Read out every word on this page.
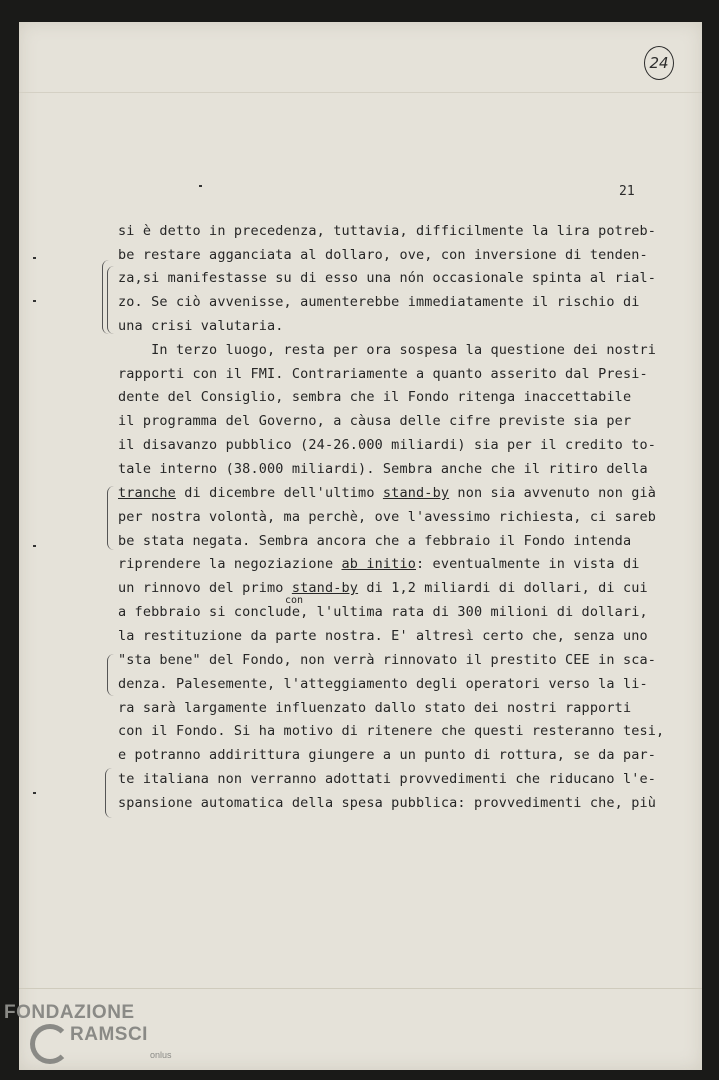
24
21
si è detto in precedenza, tuttavia, difficilmente la lira potreb-
be restare agganciata al dollaro, ove, con inversione di tenden-
za,si manifestasse su di esso una nón occasionale spinta al rial-
zo. Se ciò avvenisse, aumenterebbe immediatamente il rischio di
una crisi valutaria.
In terzo luogo, resta per ora sospesa la questione dei nostri
rapporti con il FMI. Contrariamente a quanto asserito dal Presi-
dente del Consiglio, sembra che il Fondo ritenga inaccettabile
il programma del Governo, a càusa delle cifre previste sia per
il disavanzo pubblico (24-26.000 miliardi) sia per il credito to-
tale interno (38.000 miliardi). Sembra anche che il ritiro della
tranche di dicembre dell'ultimo stand-by non sia avvenuto non già
per nostra volontà, ma perchè, ove l'avessimo richiesta, ci sareb
be stata negata. Sembra ancora che a febbraio il Fondo intenda
riprendere la negoziazione ab initio: eventualmente in vista di
un rinnovo del primo stand-by di 1,2 miliardi di dollari, di cui
con
a febbraio si conclude, l'ultima rata di 300 milioni di dollari,
la restituzione da parte nostra. E' altresì certo che, senza uno
"sta bene" del Fondo, non verrà rinnovato il prestito CEE in sca-
denza. Palesemente, l'atteggiamento degli operatori verso la li-
ra sarà largamente influenzato dallo stato dei nostri rapporti
con il Fondo. Si ha motivo di ritenere che questi resteranno tesi,
e potranno addirittura giungere a un punto di rottura, se da par-
te italiana non verranno adottati provvedimenti che riducano l'e-
spansione automatica della spesa pubblica: provvedimenti che, più
FONDAZIONE
RAMSCI
onlus
